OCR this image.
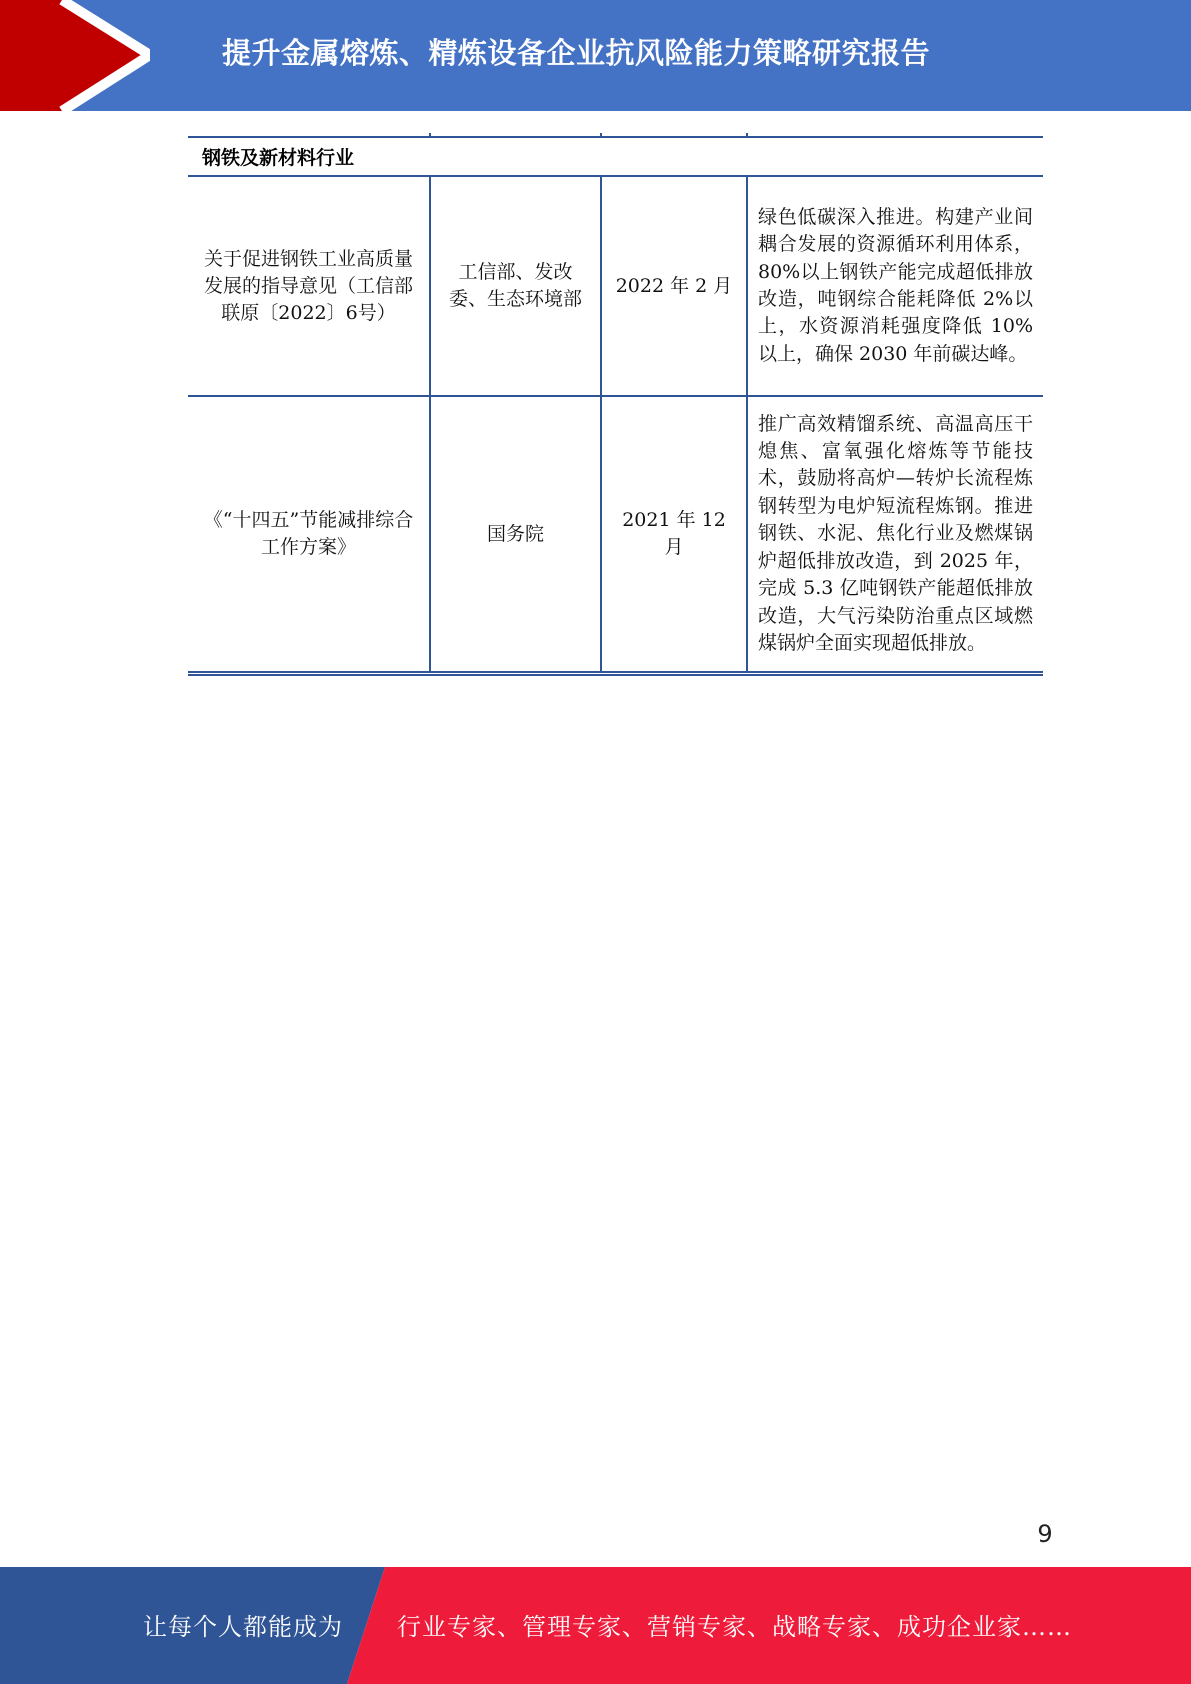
提升金属熔炼、精炼设备企业抗风险能力策略研究报告
钢铁及新材料行业			
关于促进钢铁工业高质量发展的指导意见（工信部联原〔2022〕6号）	工信部、发改委、生态环境部	2022 年 2 月	绿色低碳深入推进。构建产业间耦合发展的资源循环利用体系，80%以上钢铁产能完成超低排放改造，吨钢综合能耗降低 2%以上，水资源消耗强度降低 10%以上，确保 2030 年前碳达峰。
《“十四五”节能减排综合工作方案》	国务院	2021 年 12 月	推广高效精馏系统、高温高压干熄焦、富氧强化熔炼等节能技术，鼓励将高炉—转炉长流程炼钢转型为电炉短流程炼钢。推进钢铁、水泥、焦化行业及燃煤锅炉超低排放改造，到 2025 年，完成 5.3 亿吨钢铁产能超低排放改造，大气污染防治重点区域燃煤锅炉全面实现超低排放。
9
让每个人都能成为 行业专家、管理专家、营销专家、战略专家、成功企业家……
